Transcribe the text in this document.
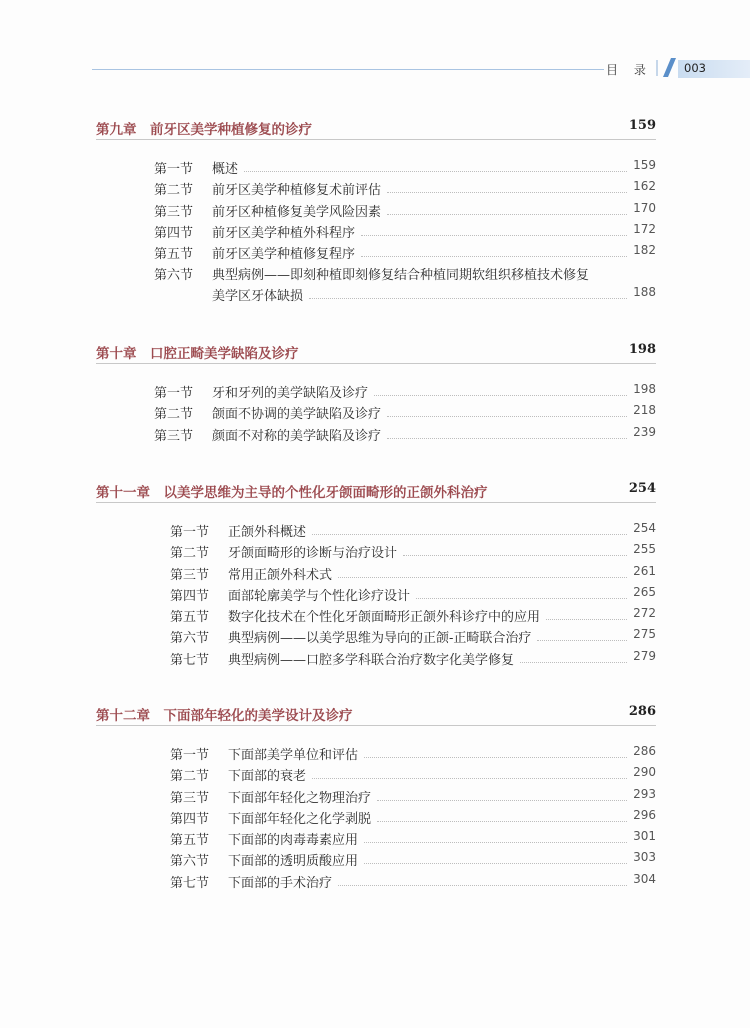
目 录	003
第九章　前牙区美学种植修复的诊疗	159
第一节 概述	159
第二节 前牙区美学种植修复术前评估	162
第三节 前牙区种植修复美学风险因素	170
第四节 前牙区美学种植外科程序	172
第五节 前牙区美学种植修复程序	182
第六节 典型病例——即刻种植即刻修复结合种植同期软组织移植技术修复
美学区牙体缺损	188
第十章　口腔正畸美学缺陷及诊疗	198
第一节 牙和牙列的美学缺陷及诊疗	198
第二节 颌面不协调的美学缺陷及诊疗	218
第三节 颜面不对称的美学缺陷及诊疗	239
第十一章　以美学思维为主导的个性化牙颌面畸形的正颌外科治疗	254
第一节 正颌外科概述	254
第二节 牙颌面畸形的诊断与治疗设计	255
第三节 常用正颌外科术式	261
第四节 面部轮廓美学与个性化诊疗设计	265
第五节 数字化技术在个性化牙颌面畸形正颌外科诊疗中的应用	272
第六节 典型病例——以美学思维为导向的正颌-正畸联合治疗	275
第七节 典型病例——口腔多学科联合治疗数字化美学修复	279
第十二章　下面部年轻化的美学设计及诊疗	286
第一节 下面部美学单位和评估	286
第二节 下面部的衰老	290
第三节 下面部年轻化之物理治疗	293
第四节 下面部年轻化之化学剥脱	296
第五节 下面部的肉毒毒素应用	301
第六节 下面部的透明质酸应用	303
第七节 下面部的手术治疗	304
